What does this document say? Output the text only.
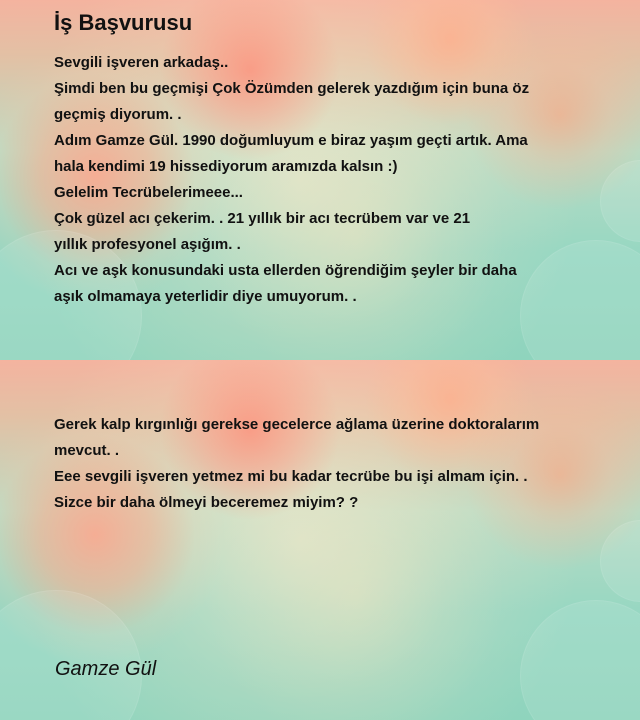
İş Başvurusu

Sevgili işveren arkadaş..

Şimdi ben bu geçmişi Çok Özümden gelerek yazdığım için buna öz

geçmiş diyorum. .

Adım Gamze Gül. 1990 doğumluyum e biraz yaşım geçti artık. Ama

hala kendimi 19 hissediyorum aramızda kalsın :)

Gelelim Tecrübelerimeee...

Çok güzel acı çekerim. . 21 yıllık bir acı tecrübem var ve 21

yıllık profesyonel aşığım. .

Acı ve aşk konusundaki usta ellerden öğrendiğim şeyler bir daha

aşık olmamaya yeterlidir diye umuyorum. .

Gerek kalp kırgınlığı gerekse gecelerce ağlama üzerine doktoralarım

mevcut. .

Eee sevgili işveren yetmez mi bu kadar tecrübe bu işi almam için. .

Sizce bir daha ölmeyi beceremez miyim? ?

Gamze Gül
